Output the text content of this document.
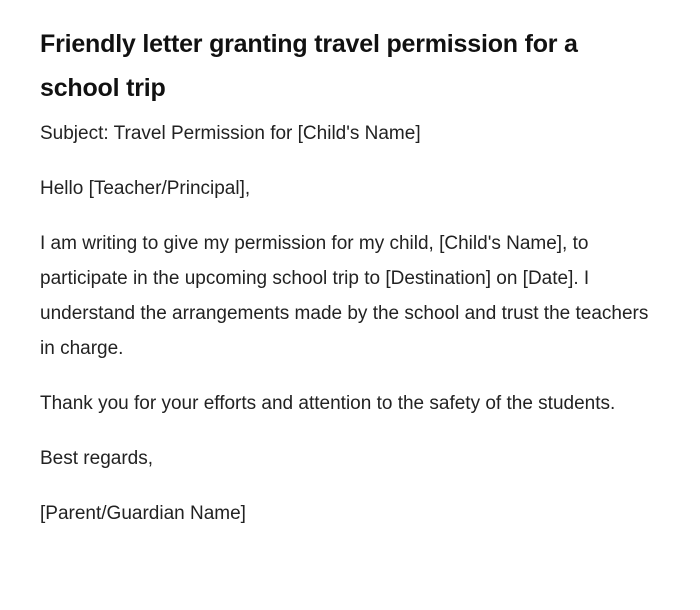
Friendly letter granting travel permission for a school trip

Subject: Travel Permission for [Child's Name]

Hello [Teacher/Principal],

I am writing to give my permission for my child, [Child's Name], to participate in the upcoming school trip to [Destination] on [Date]. I understand the arrangements made by the school and trust the teachers in charge.

Thank you for your efforts and attention to the safety of the students.

Best regards,

[Parent/Guardian Name]
